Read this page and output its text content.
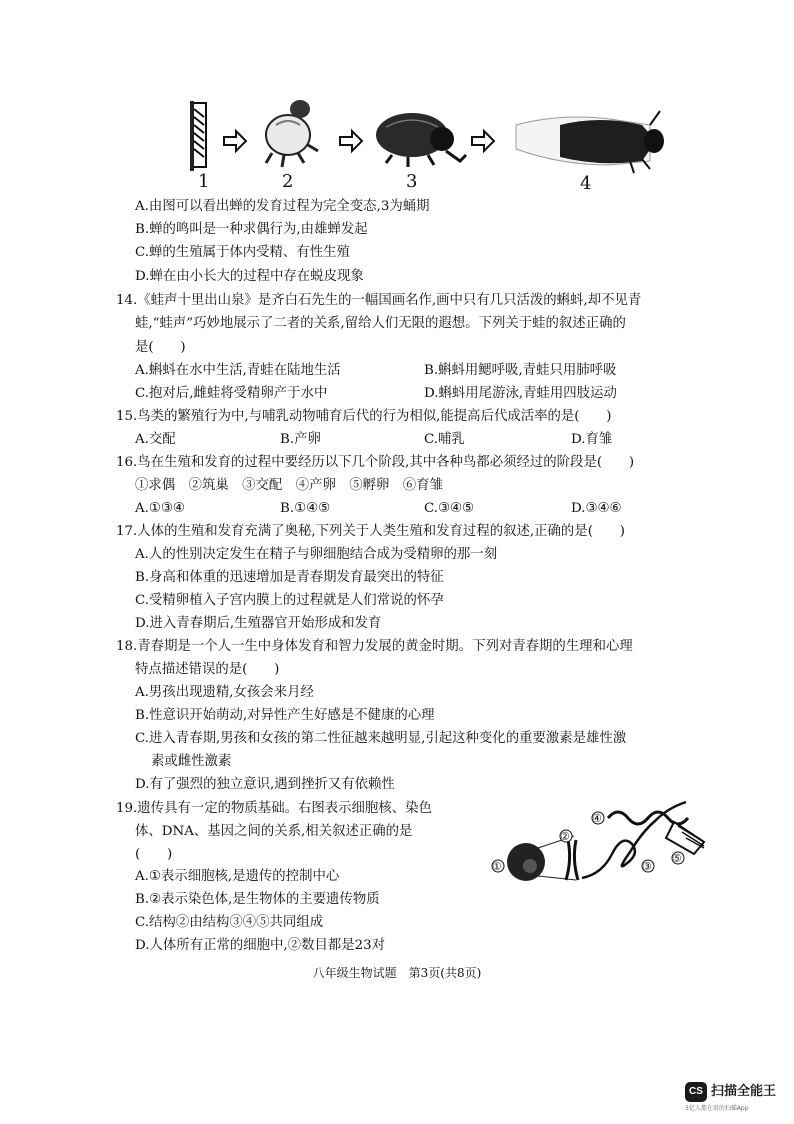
1	2	3	4
A.由图可以看出蝉的发育过程为完全变态,3为蛹期
B.蝉的鸣叫是一种求偶行为,由雄蝉发起
C.蝉的生殖属于体内受精、有性生殖
D.蝉在由小长大的过程中存在蜕皮现象
14.《蛙声十里出山泉》是齐白石先生的一幅国画名作,画中只有几只活泼的蝌蚪,却不见青
蛙,“蛙声”巧妙地展示了二者的关系,留给人们无限的遐想。下列关于蛙的叙述正确的
是(　　)
A.蝌蚪在水中生活,青蛙在陆地生活	B.蝌蚪用鳃呼吸,青蛙只用肺呼吸
C.抱对后,雌蛙将受精卵产于水中	D.蝌蚪用尾游泳,青蛙用四肢运动
15.鸟类的繁殖行为中,与哺乳动物哺育后代的行为相似,能提高后代成活率的是(　　)
A.交配	B.产卵	C.哺乳	D.育雏
16.鸟在生殖和发育的过程中要经历以下几个阶段,其中各种鸟都必须经过的阶段是(　　)
①求偶　②筑巢　③交配　④产卵　⑤孵卵　⑥育雏
A.①③④	B.①④⑤	C.③④⑤	D.③④⑥
17.人体的生殖和发育充满了奥秘,下列关于人类生殖和发育过程的叙述,正确的是(　　)
A.人的性别决定发生在精子与卵细胞结合成为受精卵的那一刻
B.身高和体重的迅速增加是青春期发育最突出的特征
C.受精卵植入子宫内膜上的过程就是人们常说的怀孕
D.进入青春期后,生殖器官开始形成和发育
18.青春期是一个人一生中身体发育和智力发展的黄金时期。下列对青春期的生理和心理
特点描述错误的是(　　)
A.男孩出现遗精,女孩会来月经
B.性意识开始萌动,对异性产生好感是不健康的心理
C.进入青春期,男孩和女孩的第二性征越来越明显,引起这种变化的重要激素是雄性激
素或雌性激素
D.有了强烈的独立意识,遇到挫折又有依赖性
19.遗传具有一定的物质基础。右图表示细胞核、染色
体、DNA、基因之间的关系,相关叙述正确的是
(　　)
A.①表示细胞核,是遗传的控制中心
B.②表示染色体,是生物体的主要遗传物质
C.结构②由结构③④⑤共同组成
D.人体所有正常的细胞中,②数目都是23对
①
②
③
④
⑤
八年级生物试题　第3页(共8页)
CS 扫描全能王
3亿人都在用的扫描App
